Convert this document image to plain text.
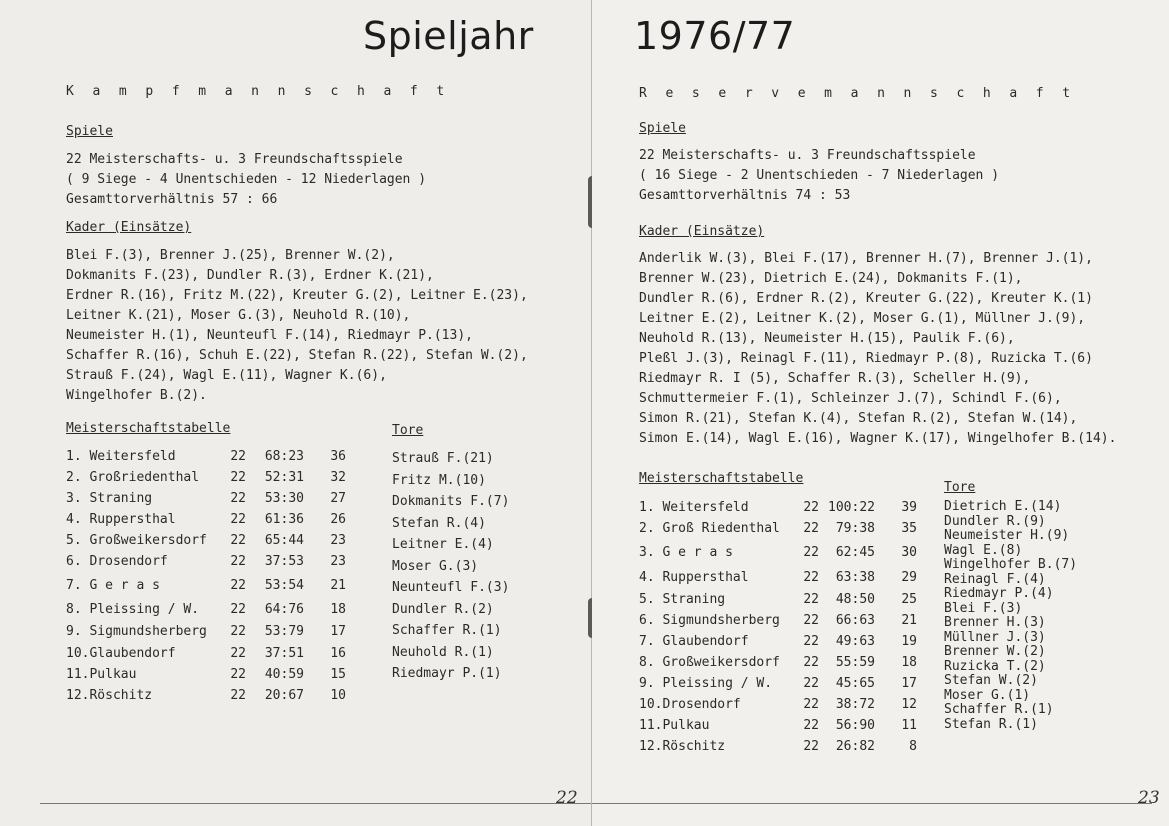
Spieljahr
K a m p f m a n n s c h a f t
Spiele
22 Meisterschafts- u. 3 Freundschaftsspiele
( 9 Siege - 4 Unentschieden - 12 Niederlagen )
Gesamttorverhältnis 57 : 66
Kader (Einsätze)
Blei F.(3), Brenner J.(25), Brenner W.(2),
Dokmanits F.(23), Dundler R.(3), Erdner K.(21),
Erdner R.(16), Fritz M.(22), Kreuter G.(2), Leitner E.(23),
Leitner K.(21), Moser G.(3), Neuhold R.(10),
Neumeister H.(1), Neunteufl F.(14), Riedmayr P.(13),
Schaffer R.(16), Schuh E.(22), Stefan R.(22), Stefan W.(2),
Strauß F.(24), Wagl E.(11), Wagner K.(6),
Wingelhofer B.(2).
Meisterschaftstabelle
1. Weitersfeld	22	68:23	36
2. Großriedenthal	22	52:31	32
3. Straning	22	53:30	27
4. Ruppersthal	22	61:36	26
5. Großweikersdorf	22	65:44	23
6. Drosendorf	22	37:53	23
7. G e r a s	22	53:54	21
8. Pleissing / W.	22	64:76	18
9. Sigmundsherberg	22	53:79	17
10.Glaubendorf	22	37:51	16
11.Pulkau	22	40:59	15
12.Röschitz	22	20:67	10
Tore
Strauß F.(21)
Fritz M.(10)
Dokmanits F.(7)
Stefan R.(4)
Leitner E.(4)
Moser G.(3)
Neunteufl F.(3)
Dundler R.(2)
Schaffer R.(1)
Neuhold R.(1)
Riedmayr P.(1)
22
1976/77
R e s e r v e m a n n s c h a f t
Spiele
22 Meisterschafts- u. 3 Freundschaftsspiele
( 16 Siege - 2 Unentschieden - 7 Niederlagen )
Gesamttorverhältnis 74 : 53
Kader (Einsätze)
Anderlik W.(3), Blei F.(17), Brenner H.(7), Brenner J.(1),
Brenner W.(23), Dietrich E.(24), Dokmanits F.(1),
Dundler R.(6), Erdner R.(2), Kreuter G.(22), Kreuter K.(1)
Leitner E.(2), Leitner K.(2), Moser G.(1), Müllner J.(9),
Neuhold R.(13), Neumeister H.(15), Paulik F.(6),
Pleßl J.(3), Reinagl F.(11), Riedmayr P.(8), Ruzicka T.(6)
Riedmayr R. I (5), Schaffer R.(3), Scheller H.(9),
Schmuttermeier F.(1), Schleinzer J.(7), Schindl F.(6),
Simon R.(21), Stefan K.(4), Stefan R.(2), Stefan W.(14),
Simon E.(14), Wagl E.(16), Wagner K.(17), Wingelhofer B.(14).
Meisterschaftstabelle
1. Weitersfeld	22	100:22	39
2. Groß Riedenthal	22	79:38	35
3. G e r a s	22	62:45	30
4. Ruppersthal	22	63:38	29
5. Straning	22	48:50	25
6. Sigmundsherberg	22	66:63	21
7. Glaubendorf	22	49:63	19
8. Großweikersdorf	22	55:59	18
9. Pleissing / W.	22	45:65	17
10.Drosendorf	22	38:72	12
11.Pulkau	22	56:90	11
12.Röschitz	22	26:82	8
Tore
Dietrich E.(14)
Dundler R.(9)
Neumeister H.(9)
Wagl E.(8)
Wingelhofer B.(7)
Reinagl F.(4)
Riedmayr P.(4)
Blei F.(3)
Brenner H.(3)
Müllner J.(3)
Brenner W.(2)
Ruzicka T.(2)
Stefan W.(2)
Moser G.(1)
Schaffer R.(1)
Stefan R.(1)
23
